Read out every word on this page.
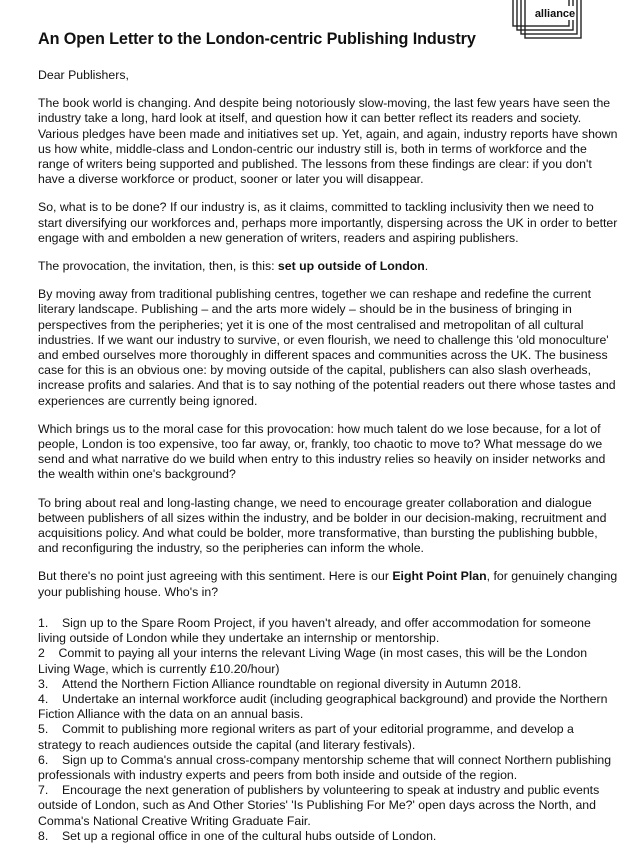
alliance
An Open Letter to the London-centric Publishing Industry

Dear Publishers,

The book world is changing. And despite being notoriously slow-moving, the last few years have seen the industry take a long, hard look at itself, and question how it can better reflect its readers and society. Various pledges have been made and initiatives set up. Yet, again, and again, industry reports have shown us how white, middle-class and London-centric our industry still is, both in terms of workforce and the range of writers being supported and published. The lessons from these findings are clear: if you don't have a diverse workforce or product, sooner or later you will disappear.

So, what is to be done? If our industry is, as it claims, committed to tackling inclusivity then we need to start diversifying our workforces and, perhaps more importantly, dispersing across the UK in order to better engage with and embolden a new generation of writers, readers and aspiring publishers.

The provocation, the invitation, then, is this: set up outside of London.

By moving away from traditional publishing centres, together we can reshape and redefine the current literary landscape. Publishing – and the arts more widely – should be in the business of bringing in perspectives from the peripheries; yet it is one of the most centralised and metropolitan of all cultural industries. If we want our industry to survive, or even flourish, we need to challenge this 'old monoculture' and embed ourselves more thoroughly in different spaces and communities across the UK. The business case for this is an obvious one: by moving outside of the capital, publishers can also slash overheads, increase profits and salaries. And that is to say nothing of the potential readers out there whose tastes and experiences are currently being ignored.

Which brings us to the moral case for this provocation: how much talent do we lose because, for a lot of people, London is too expensive, too far away, or, frankly, too chaotic to move to? What message do we send and what narrative do we build when entry to this industry relies so heavily on insider networks and the wealth within one's background?

To bring about real and long-lasting change, we need to encourage greater collaboration and dialogue between publishers of all sizes within the industry, and be bolder in our decision-making, recruitment and acquisitions policy. And what could be bolder, more transformative, than bursting the publishing bubble, and reconfiguring the industry, so the peripheries can inform the whole.

But there's no point just agreeing with this sentiment. Here is our Eight Point Plan, for genuinely changing your publishing house. Who's in?

1. Sign up to the Spare Room Project, if you haven't already, and offer accommodation for someone living outside of London while they undertake an internship or mentorship.
2 Commit to paying all your interns the relevant Living Wage (in most cases, this will be the London Living Wage, which is currently £10.20/hour)
3. Attend the Northern Fiction Alliance roundtable on regional diversity in Autumn 2018.
4. Undertake an internal workforce audit (including geographical background) and provide the Northern Fiction Alliance with the data on an annual basis.
5. Commit to publishing more regional writers as part of your editorial programme, and develop a strategy to reach audiences outside the capital (and literary festivals).
6. Sign up to Comma's annual cross-company mentorship scheme that will connect Northern publishing professionals with industry experts and peers from both inside and outside of the region.
7. Encourage the next generation of publishers by volunteering to speak at industry and public events outside of London, such as And Other Stories' 'Is Publishing For Me?' open days across the North, and Comma's National Creative Writing Graduate Fair.
8. Set up a regional office in one of the cultural hubs outside of London.
